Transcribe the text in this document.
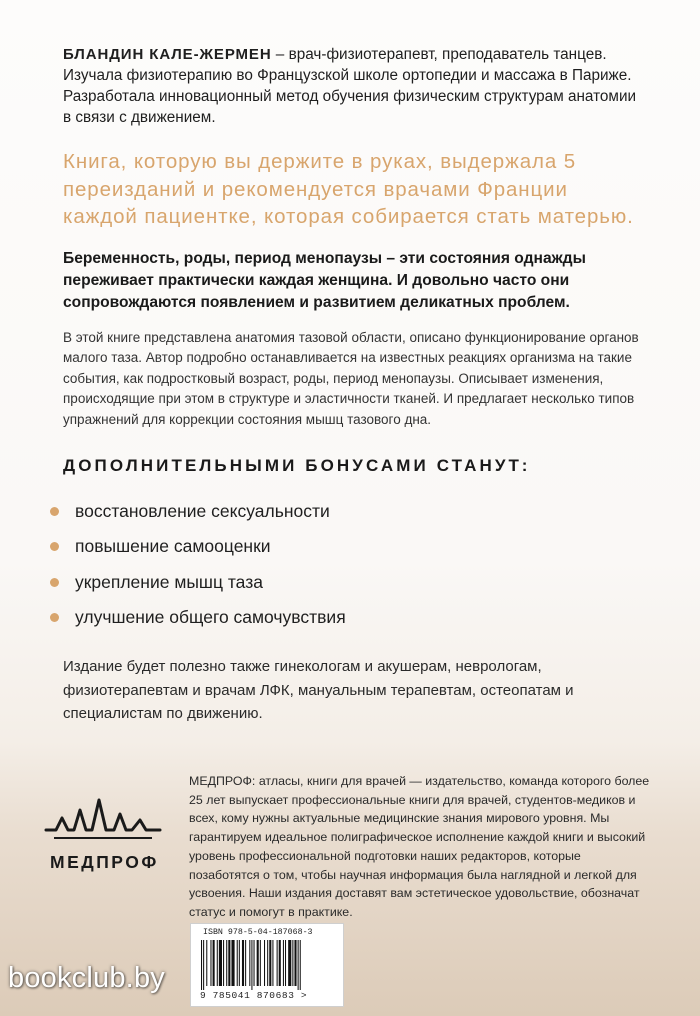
БЛАНДИН КАЛЕ-ЖЕРМЕН – врач-физиотерапевт, преподаватель танцев. Изучала физиотерапию во Французской школе ортопедии и массажа в Париже. Разработала инновационный метод обучения физическим структурам анатомии в связи с движением.

Книга, которую вы держите в руках, выдержала 5 переизданий и рекомендуется врачами Франции каждой пациентке, которая собирается стать матерью.
Беременность, роды, период менопаузы – эти состояния однажды переживает практически каждая женщина. И довольно часто они сопровождаются появлением и развитием деликатных проблем.
В этой книге представлена анатомия тазовой области, описано функционирование органов малого таза. Автор подробно останавливается на известных реакциях организма на такие события, как подростковый возраст, роды, период менопаузы. Описывает изменения, происходящие при этом в структуре и эластичности тканей. И предлагает несколько типов упражнений для коррекции состояния мышц тазового дна.
ДОПОЛНИТЕЛЬНЫМИ БОНУСАМИ СТАНУТ:
восстановление сексуальности
повышение самооценки
укрепление мышц таза
улучшение общего самочувствия
Издание будет полезно также гинекологам и акушерам, неврологам, физиотерапевтам и врачам ЛФК, мануальным терапевтам, остеопатам и специалистам по движению.
МЕДПРОФ
МЕДПРОФ: атласы, книги для врачей — издательство, команда которого более 25 лет выпускает профессиональные книги для врачей, студентов-медиков и всех, кому нужны актуальные медицинские знания мирового уровня. Мы гарантируем идеальное полиграфическое исполнение каждой книги и высокий уровень профессиональной подготовки наших редакторов, которые позаботятся о том, чтобы научная информация была наглядной и легкой для усвоения. Наши издания доставят вам эстетическое удовольствие, обозначат статус и помогут в практике.
ISBN 978-5-04-187068-3
9 785041 870683 >
bookclub.by
